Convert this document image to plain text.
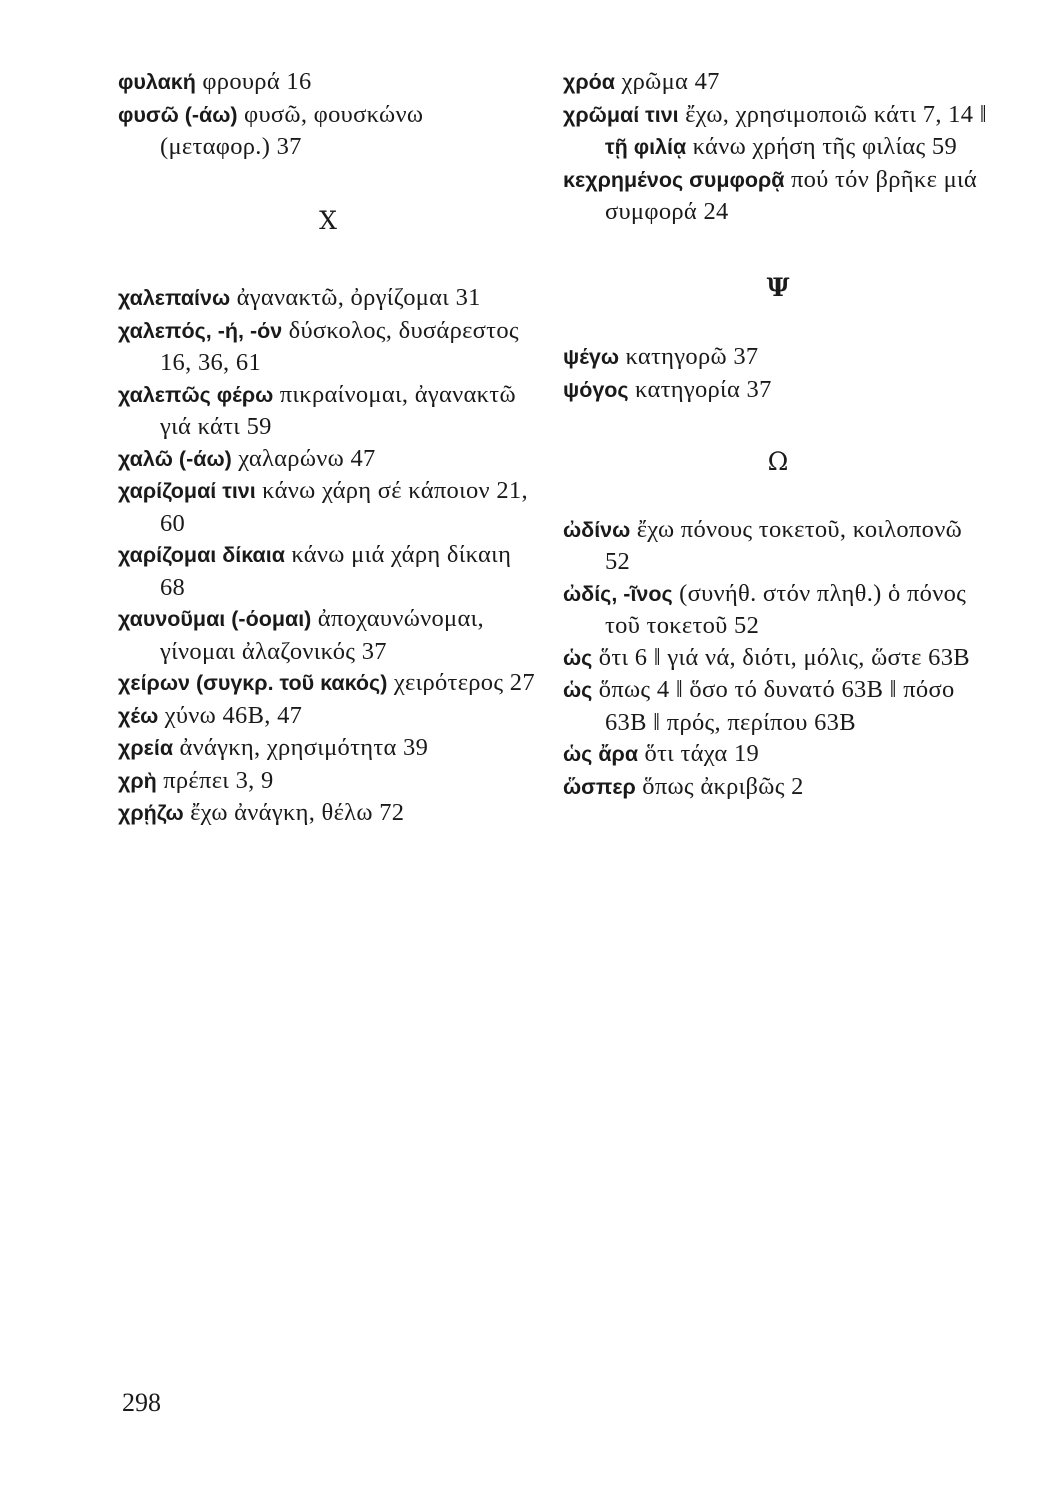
φυλακή φρουρά 16

φυσῶ (-άω) φυσῶ, φουσκώνω (μεταφορ.) 37

X

χαλεπαίνω ἀγανακτῶ, ὀργίζομαι 31

χαλεπός, -ή, -όν δύσκολος, δυσάρεστος 16, 36, 61

χαλεπῶς φέρω πικραίνομαι, ἀγανακτῶ γιά κάτι 59

χαλῶ (-άω) χαλαρώνω 47

χαρίζομαί τινι κάνω χάρη σέ κάποιον 21, 60

χαρίζομαι δίκαια κάνω μιά χάρη δίκαιη 68

χαυνοῦμαι (-όομαι) ἀποχαυνώνομαι, γίνομαι ἀλαζονικός 37

χείρων (συγκρ. τοῦ κακός) χειρότερος 27

χέω χύνω 46Β, 47

χρεία ἀνάγκη, χρησιμότητα 39

χρὴ πρέπει 3, 9

χρῄζω ἔχω ἀνάγκη, θέλω 72

χρόα χρῶμα 47

χρῶμαί τινι ἔχω, χρησιμοποιῶ κάτι 7, 14 ‖ τῇ φιλίᾳ κάνω χρήση τῆς φιλίας 59

κεχρημένος συμφορᾷ πού τόν βρῆκε μιά συμφορά 24

Ψ

ψέγω κατηγορῶ 37

ψόγος κατηγορία 37

Ω

ὠδίνω ἔχω πόνους τοκετοῦ, κοιλοπονῶ 52

ὠδίς, -ῖνος (συνήθ. στόν πληθ.) ὁ πόνος τοῦ τοκετοῦ 52

ὡς ὅτι 6 ‖ γιά νά, διότι, μόλις, ὥστε 63Β

ὡς ὅπως 4 ‖ ὅσο τό δυνατό 63Β ‖ πόσο 63Β ‖ πρός, περίπου 63Β

ὡς ἄρα ὅτι τάχα 19

ὥσπερ ὅπως ἀκριβῶς 2

298
